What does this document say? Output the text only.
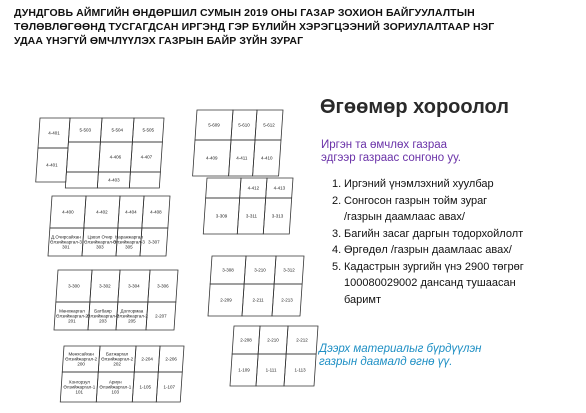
ДУНДГОВЬ АЙМГИЙН ӨНДӨРШИЛ СУМЫН 2019 ОНЫ ГАЗАР ЗОХИОН БАЙГУУЛАЛТЫН
ТӨЛӨВЛӨГӨӨНД ТУСГАГДСАН ИРГЭНД ГЭР БҮЛИЙН ХЭРЭГЦЭЭНИЙ ЗОРИУЛАЛТААР НЭГ
УДАА ҮНЭГҮЙ ӨМЧЛҮҮЛЭХ ГАЗРЫН БАЙР ЗҮЙН ЗУРАГ
4-401
5-503	5-504	5-505
4-406	4-407
4-401
4-403
5-609	5-610	5-612
4-409	4-411	4-410
4-400	4-402	4-404	4-408
Д.Очирсайхан Өлзийжаргал-3 301
Цэвэл Очир Өлзийжаргал-3 303
Наранжаргал Өлзийжаргал-3 305
3-307
4-412	4-413
3-309	3-311	3-313
3-300	3-302	3-304	3-306
Мөнхжаргал Өлзийжаргал-2 201
Батбаяр Өлзийжаргал-2 203
Долгормаа Өлзийжаргал-2 205
2-207
3-308	3-210	3-312
2-209	2-211	2-213
Мөнхсайхан Өлзийжаргал-2 200
Батжаргал Өлзийжаргал-2 202
2-204	2-206
Хонгорзул Өлзийжаргал-1 101
Ариун Өлзийжаргал-1 103
1-105	1-107
2-208	2-210	2-212
1-109	1-111	1-113
Өгөөмөр хороолол
Иргэн та өмчлөх газраа
эдгээр газраас сонгоно уу.
1. Иргэний үнэмлэхний хуулбар
2. Сонгосон газрын тойм зураг
/газрын даамлаас авах/
3. Багийн засаг даргын тодорхойлолт
4. Өргөдөл /газрын даамлаас авах/
5. Кадастрын зургийн үнэ 2900 төгрөг
100080029002 дансанд тушаасан
баримт
Дээрх материалыг бүрдүүлэн
газрын даамалд өгнө үү.
